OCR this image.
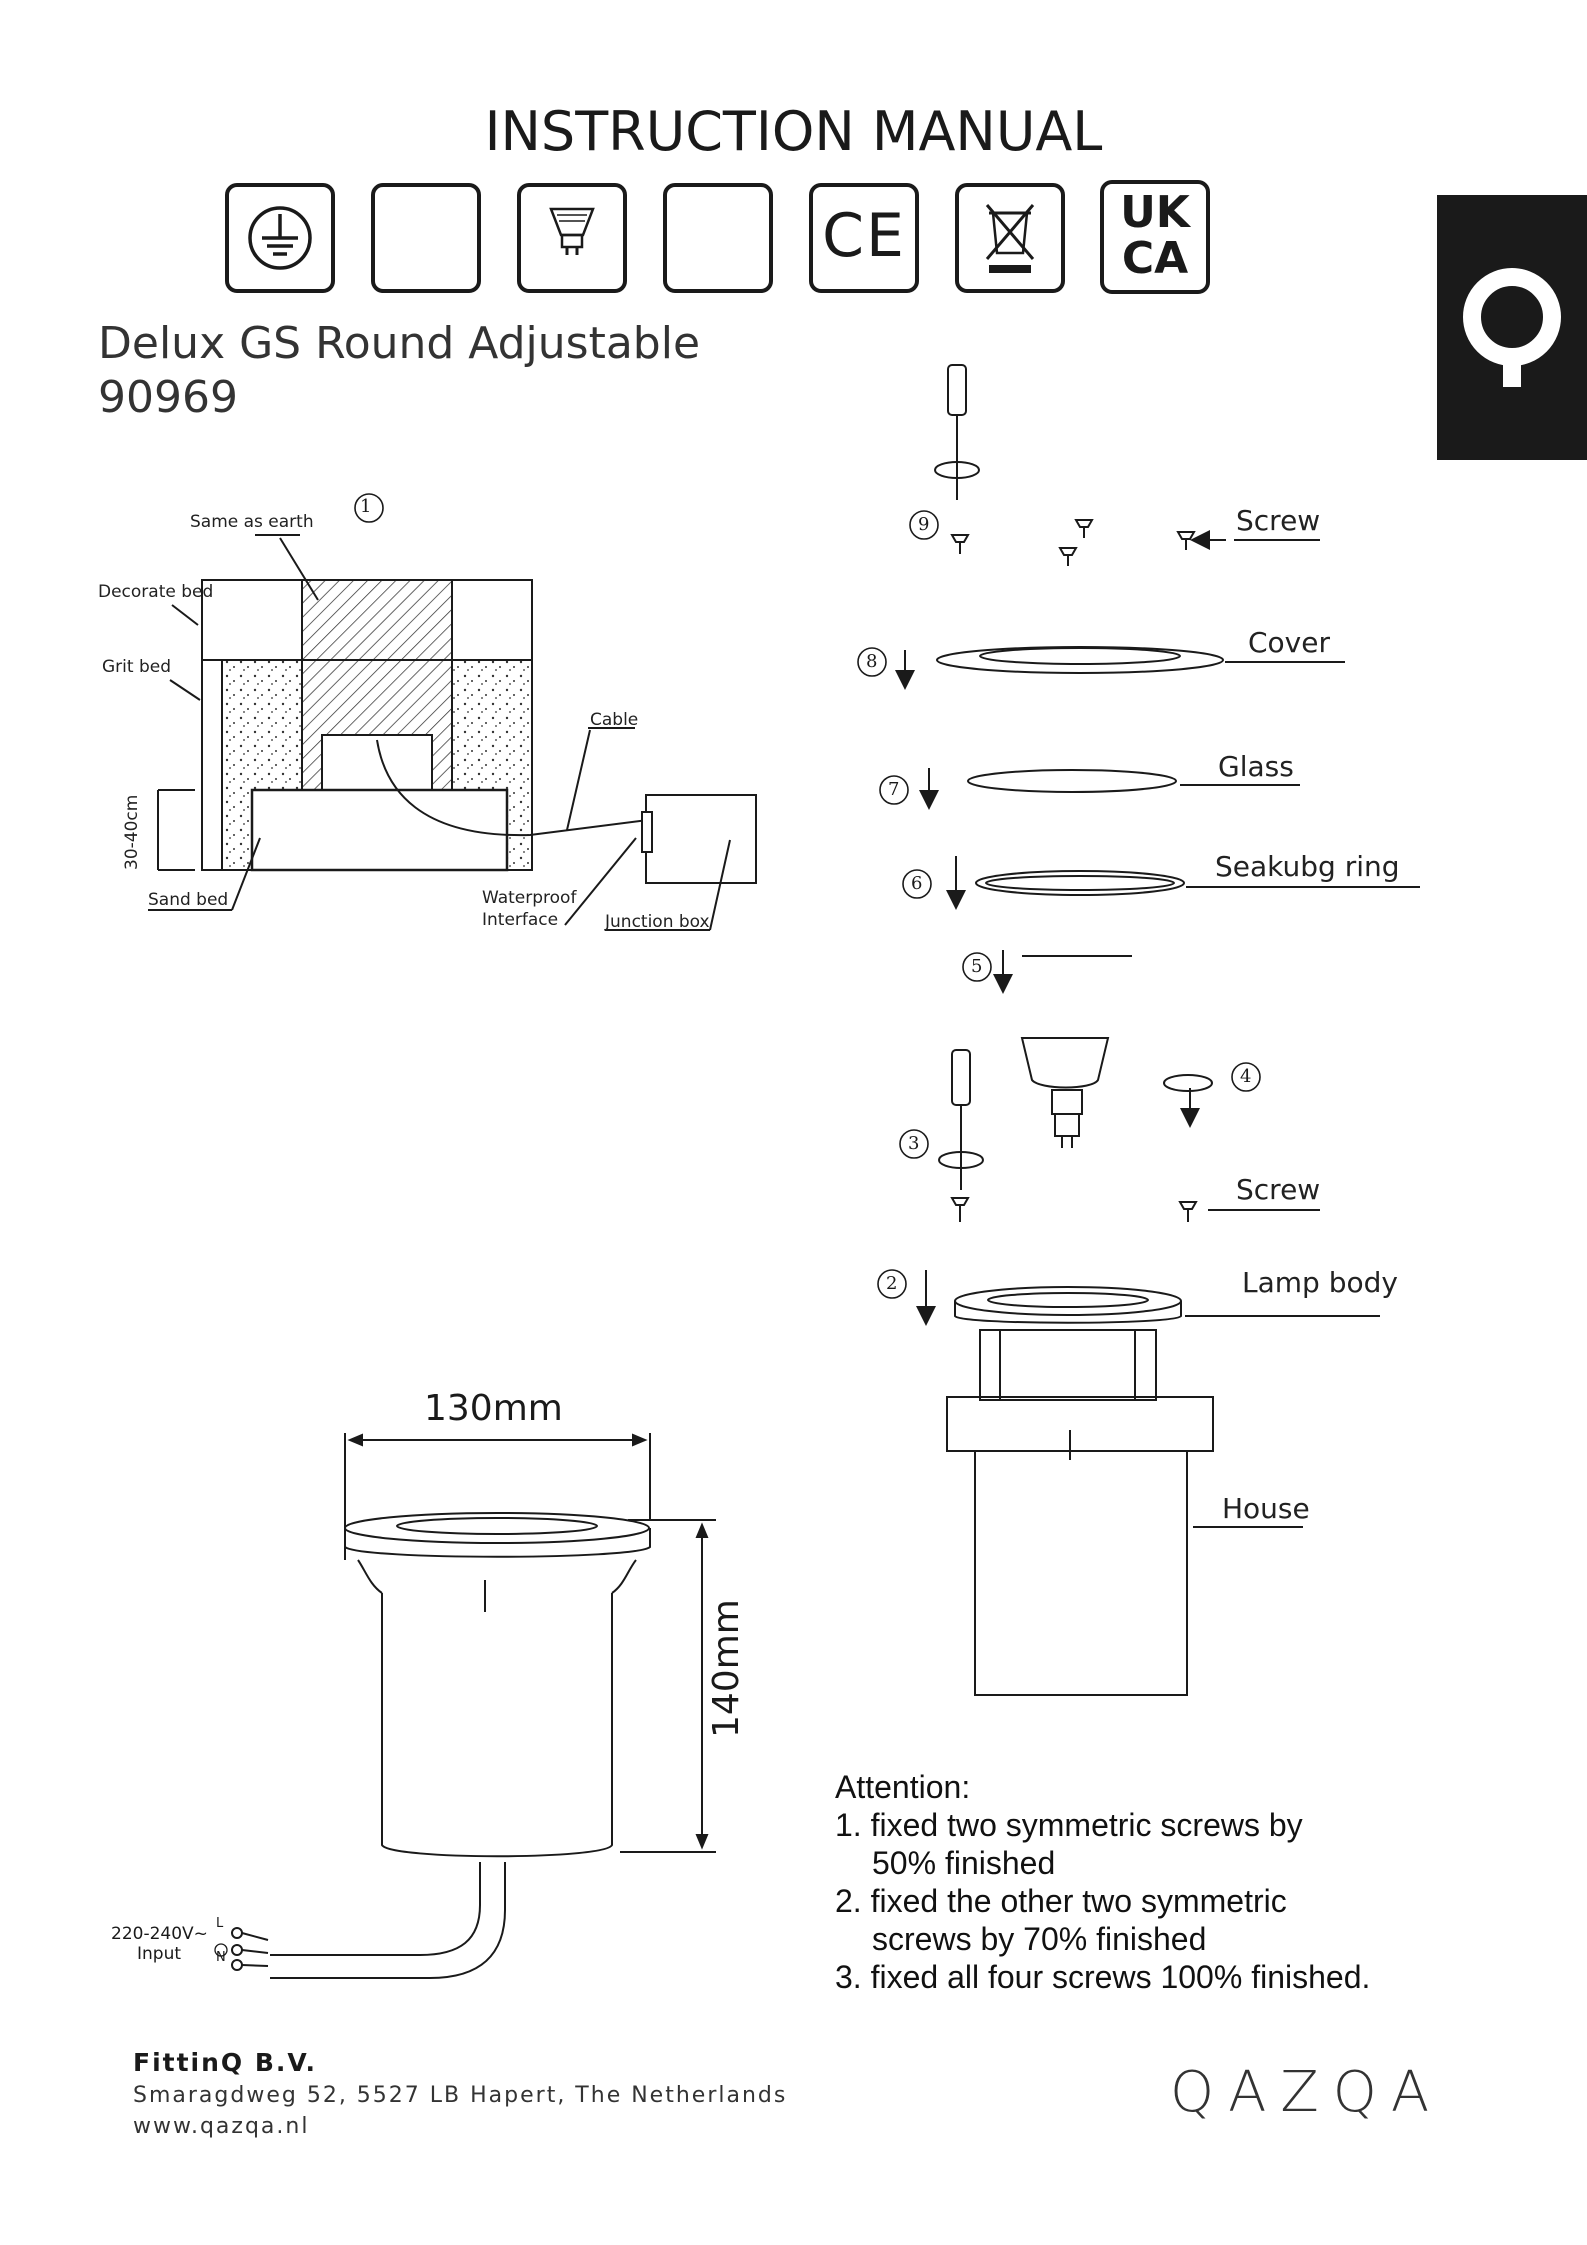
INSTRUCTION MANUAL
CE	UK
CA
Delux GS Round Adjustable
90969
Same as earth
1
Decorate bed
Grit bed
Cable
30-40cm
Sand bed	Waterproof
Interface	Junction box
9
8
7
6
5
4
3
2
Screw
Cover
Glass
Seakubg ring
Screw
Lamp body
House
130mm
140mm
220-240V~
Input
L
N
Attention:
1. fixed two symmetric screws by
50% finished
2. fixed the other two symmetric
screws by 70% finished
3. fixed all four screws 100% finished.
FittinQ B.V.
Smaragdweg 52, 5527 LB Hapert, The Netherlands
www.qazqa.nl
QAZQA
